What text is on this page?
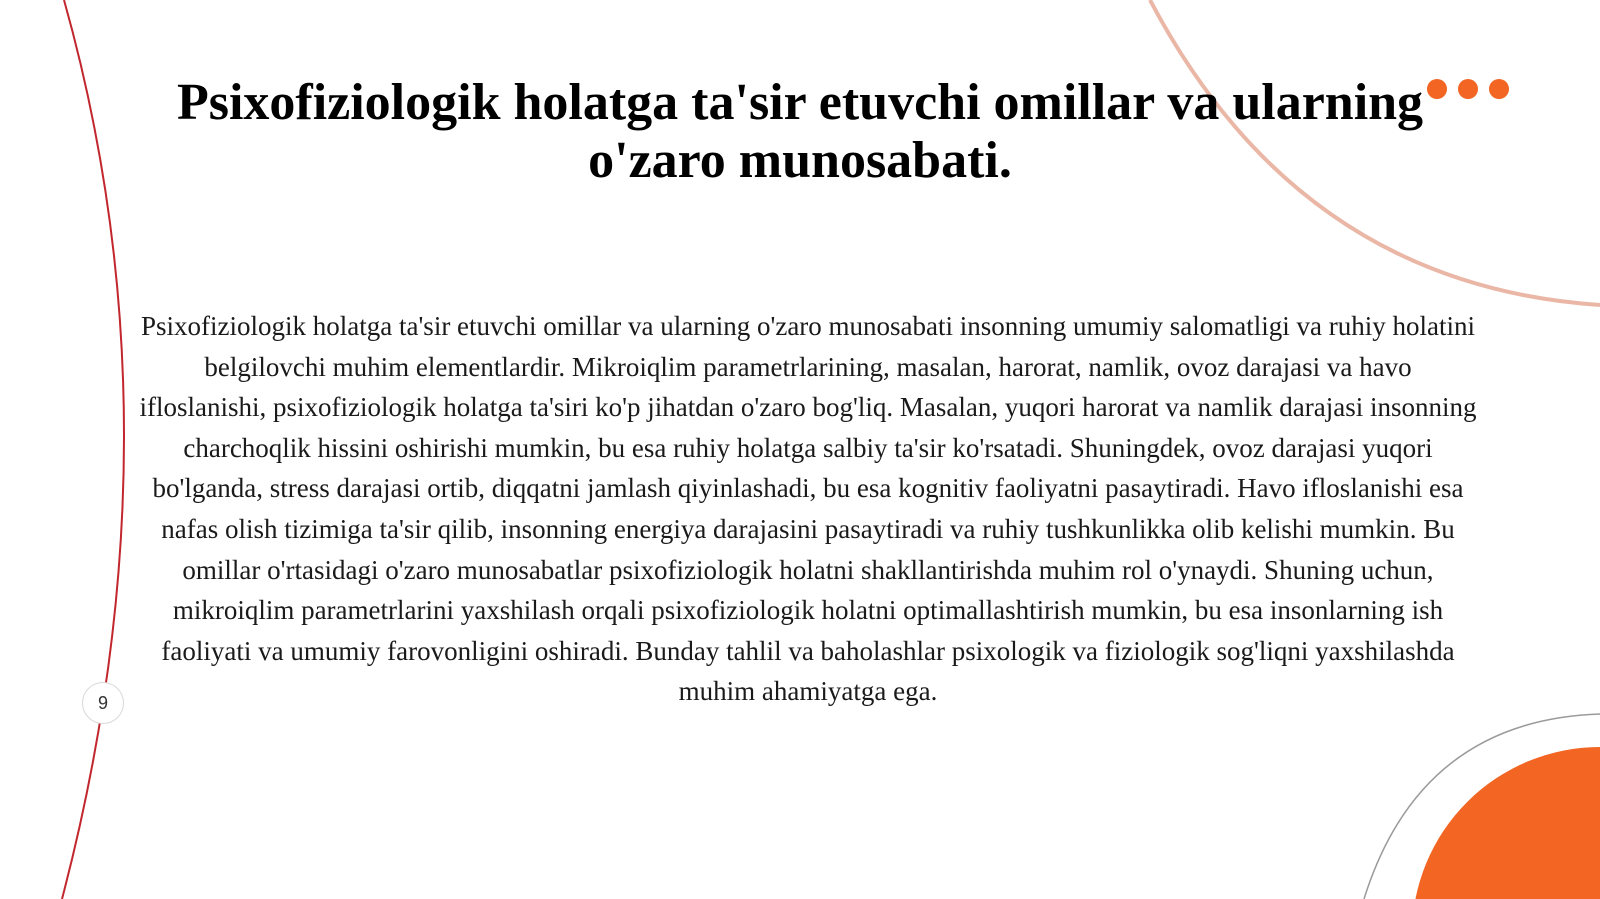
Psixofiziologik holatga ta'sir etuvchi omillar va ularning o'zaro munosabati.

Psixofiziologik holatga ta'sir etuvchi omillar va ularning o'zaro munosabati insonning umumiy salomatligi va ruhiy holatini belgilovchi muhim elementlardir. Mikroiqlim parametrlarining, masalan, harorat, namlik, ovoz darajasi va havo ifloslanishi, psixofiziologik holatga ta'siri ko'p jihatdan o'zaro bog'liq. Masalan, yuqori harorat va namlik darajasi insonning charchoqlik hissini oshirishi mumkin, bu esa ruhiy holatga salbiy ta'sir ko'rsatadi. Shuningdek, ovoz darajasi yuqori bo'lganda, stress darajasi ortib, diqqatni jamlash qiyinlashadi, bu esa kognitiv faoliyatni pasaytiradi. Havo ifloslanishi esa nafas olish tizimiga ta'sir qilib, insonning energiya darajasini pasaytiradi va ruhiy tushkunlikka olib kelishi mumkin. Bu omillar o'rtasidagi o'zaro munosabatlar psixofiziologik holatni shakllantirishda muhim rol o'ynaydi. Shuning uchun, mikroiqlim parametrlarini yaxshilash orqali psixofiziologik holatni optimallashtirish mumkin, bu esa insonlarning ish faoliyati va umumiy farovonligini oshiradi. Bunday tahlil va baholashlar psixologik va fiziologik sog'liqni yaxshilashda muhim ahamiyatga ega.

9
